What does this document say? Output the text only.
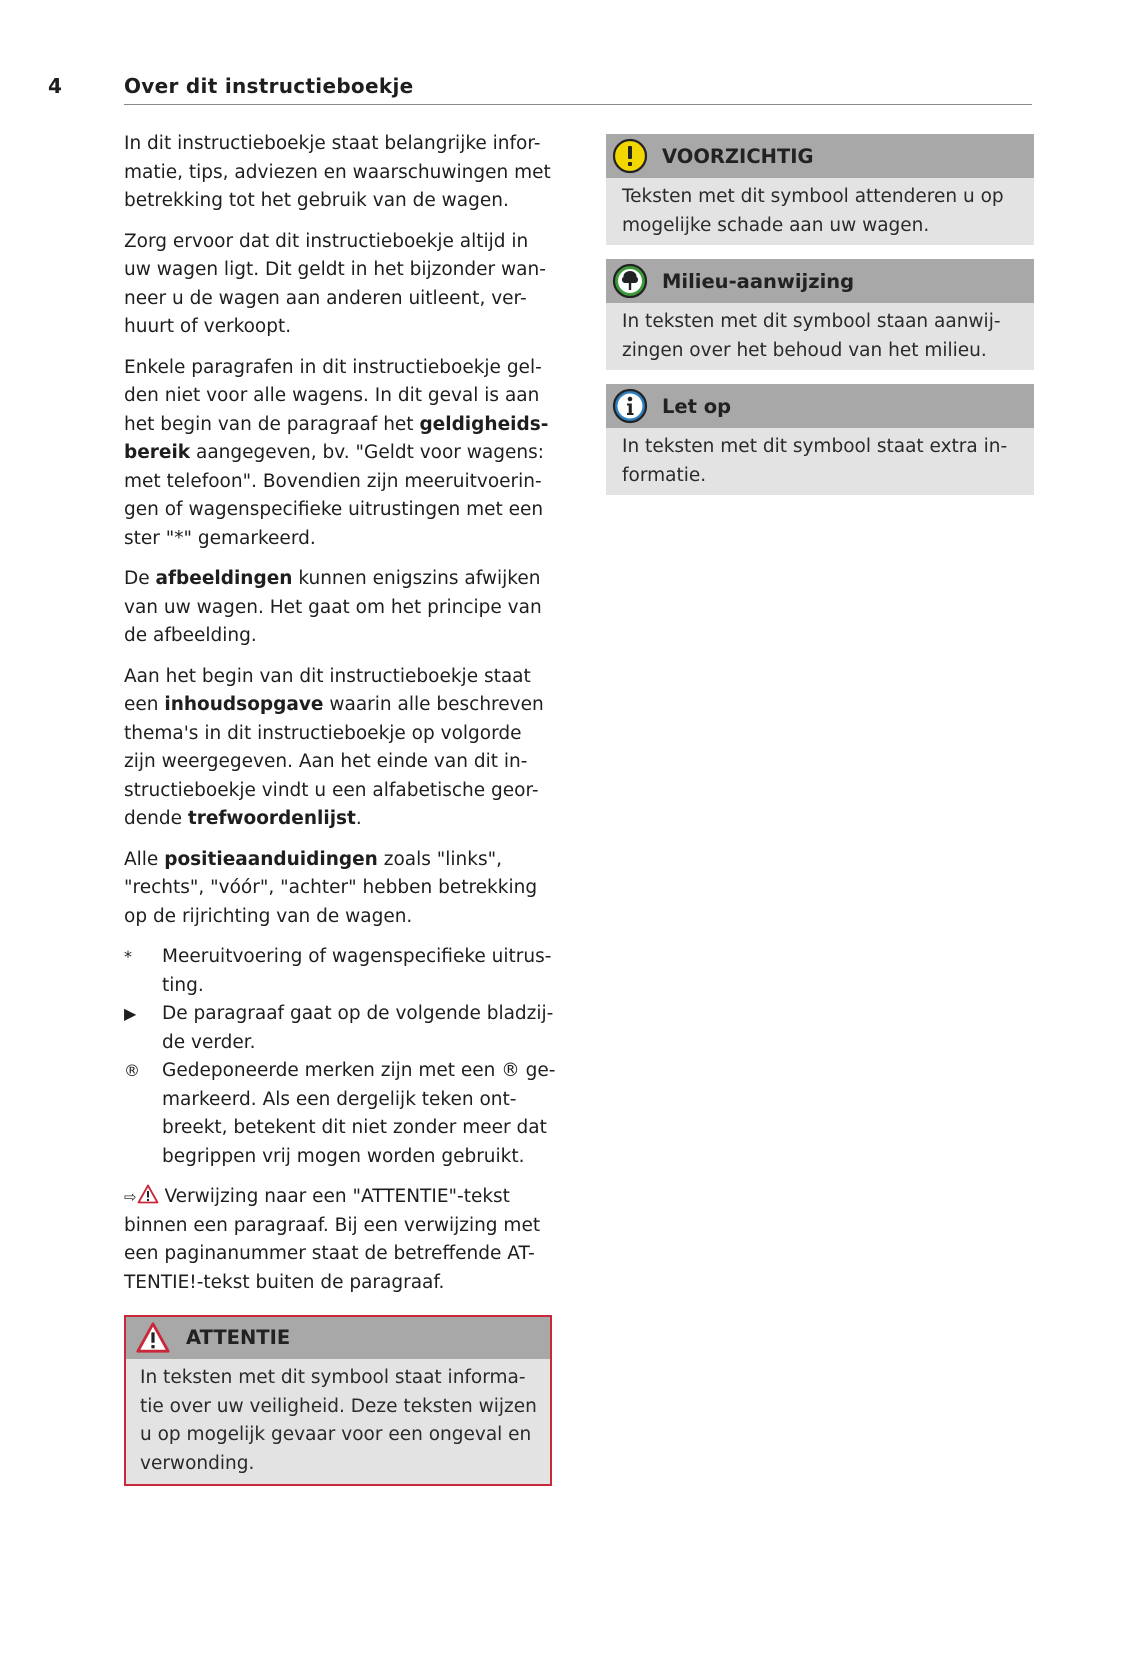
4	Over dit instructieboekje

In dit instructieboekje staat belangrijke infor-matie, tips, adviezen en waarschuwingen met betrekking tot het gebruik van de wagen.

Zorg ervoor dat dit instructieboekje altijd in uw wagen ligt. Dit geldt in het bijzonder wan-neer u de wagen aan anderen uitleent, ver-huurt of verkoopt.

Enkele paragrafen in dit instructieboekje gel-den niet voor alle wagens. In dit geval is aan het begin van de paragraaf het geldigheids-bereik aangegeven, bv. "Geldt voor wagens: met telefoon". Bovendien zijn meeruitvoerin-gen of wagenspecifieke uitrustingen met een ster "*" gemarkeerd.

De afbeeldingen kunnen enigszins afwijken van uw wagen. Het gaat om het principe van de afbeelding.

Aan het begin van dit instructieboekje staat een inhoudsopgave waarin alle beschreven thema's in dit instructieboekje op volgorde zijn weergegeven. Aan het einde van dit in-structieboekje vindt u een alfabetische geor-dende trefwoordenlijst.

Alle positieaanduidingen zoals "links", "rechts", "vóór", "achter" hebben betrekking op de rijrichting van de wagen.

*	Meeruitvoering of wagenspecifieke uitrus-ting.
▶	De paragraaf gaat op de volgende bladzij-de verder.
®	Gedeponeerde merken zijn met een ® ge-markeerd. Als een dergelijk teken ont-breekt, betekent dit niet zonder meer dat begrippen vrij mogen worden gebruikt.

⇨ Verwijzing naar een "ATTENTIE"-tekst binnen een paragraaf. Bij een verwijzing met een paginanummer staat de betreffende AT-TENTIE!-tekst buiten de paragraaf.

ATTENTIE
In teksten met dit symbool staat informa-tie over uw veiligheid. Deze teksten wijzen u op mogelijk gevaar voor een ongeval en verwonding.
VOORZICHTIG
Teksten met dit symbool attenderen u op mogelijke schade aan uw wagen.
Milieu-aanwijzing
In teksten met dit symbool staan aanwij-zingen over het behoud van het milieu.
Let op
In teksten met dit symbool staat extra in-formatie.
